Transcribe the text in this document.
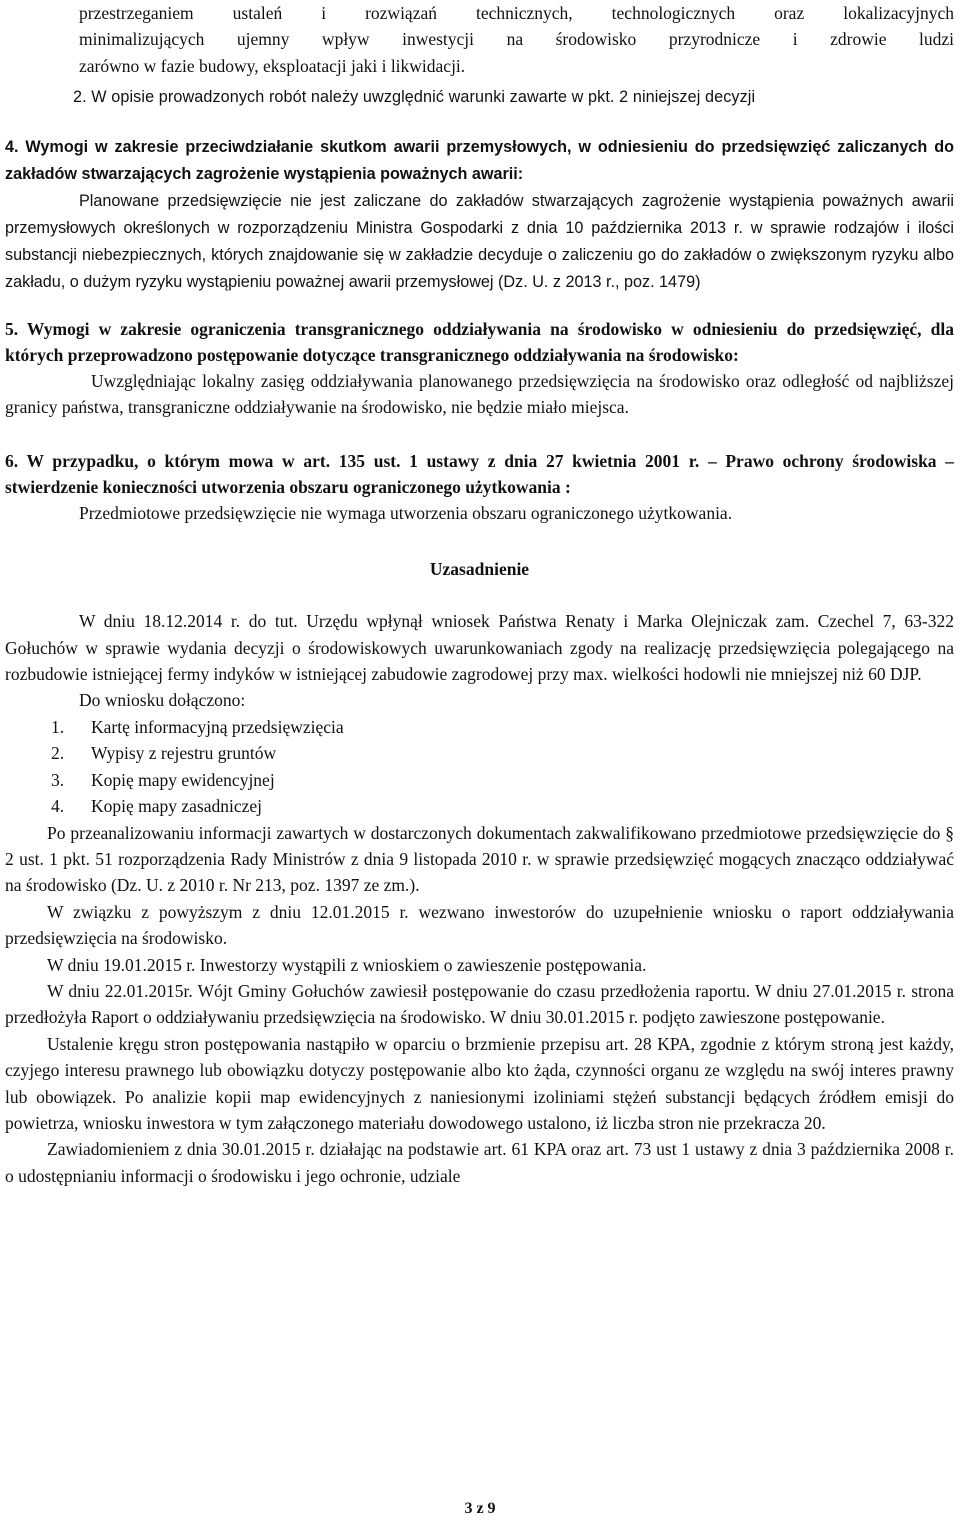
przestrzeganiem ustaleń i rozwiązań technicznych, technologicznych oraz lokalizacyjnych

minimalizujących ujemny wpływ inwestycji na środowisko przyrodnicze i zdrowie ludzi

zarówno w fazie budowy, eksploatacji jaki i likwidacji.

2. W opisie prowadzonych robót należy uwzględnić warunki zawarte w pkt. 2 niniejszej decyzji

4. Wymogi w zakresie przeciwdziałanie skutkom awarii przemysłowych, w odniesieniu do przedsięwzięć zaliczanych do zakładów stwarzających zagrożenie wystąpienia poważnych awarii:

Planowane przedsięwzięcie nie jest zaliczane do zakładów stwarzających zagrożenie wystąpienia poważnych awarii przemysłowych określonych w rozporządzeniu Ministra Gospodarki z dnia 10 października 2013 r. w sprawie rodzajów i ilości substancji niebezpiecznych, których znajdowanie się w zakładzie decyduje o zaliczeniu go do zakładów o zwiększonym ryzyku albo zakładu, o dużym ryzyku wystąpieniu poważnej awarii przemysłowej (Dz. U. z 2013 r., poz. 1479)

5. Wymogi w zakresie ograniczenia transgranicznego oddziaływania na środowisko w odniesieniu do przedsięwzięć, dla których przeprowadzono postępowanie dotyczące transgranicznego oddziaływania na środowisko:

Uwzględniając lokalny zasięg oddziaływania planowanego przedsięwzięcia na środowisko oraz odległość od najbliższej granicy państwa, transgraniczne oddziaływanie na środowisko, nie będzie miało miejsca.

6. W przypadku, o którym mowa w art. 135 ust. 1 ustawy z dnia 27 kwietnia 2001 r. – Prawo ochrony środowiska – stwierdzenie konieczności utworzenia obszaru ograniczonego użytkowania :

Przedmiotowe przedsięwzięcie nie wymaga utworzenia obszaru ograniczonego użytkowania.

Uzasadnienie

W dniu 18.12.2014 r. do tut. Urzędu wpłynął wniosek Państwa Renaty i Marka Olejniczak zam. Czechel 7, 63-322 Gołuchów w sprawie wydania decyzji o środowiskowych uwarunkowaniach zgody na realizację przedsięwzięcia polegającego na rozbudowie istniejącej fermy indyków w istniejącej zabudowie zagrodowej przy max. wielkości hodowli nie mniejszej niż 60 DJP.

Do wniosku dołączono:

1.	Kartę informacyjną przedsięwzięcia
2.	Wypisy z rejestru gruntów
3.	Kopię mapy ewidencyjnej
4.	Kopię mapy zasadniczej

Po przeanalizowaniu informacji zawartych w dostarczonych dokumentach zakwalifikowano przedmiotowe przedsięwzięcie do § 2 ust. 1 pkt. 51 rozporządzenia Rady Ministrów z dnia 9 listopada 2010 r. w sprawie przedsięwzięć mogących znacząco oddziaływać na środowisko (Dz. U. z 2010 r. Nr 213, poz. 1397 ze zm.).

W związku z powyższym z dniu 12.01.2015 r. wezwano inwestorów do uzupełnienie wniosku o raport oddziaływania przedsięwzięcia na środowisko.

W dniu 19.01.2015 r. Inwestorzy wystąpili z wnioskiem o zawieszenie postępowania.

W dniu 22.01.2015r. Wójt Gminy Gołuchów zawiesił postępowanie do czasu przedłożenia raportu. W dniu 27.01.2015 r. strona przedłożyła Raport o oddziaływaniu przedsięwzięcia na środowisko. W dniu 30.01.2015 r. podjęto zawieszone postępowanie.

Ustalenie kręgu stron postępowania nastąpiło w oparciu o brzmienie przepisu art. 28 KPA, zgodnie z którym stroną jest każdy, czyjego interesu prawnego lub obowiązku dotyczy postępowanie albo kto żąda, czynności organu ze względu na swój interes prawny lub obowiązek. Po analizie kopii map ewidencyjnych z naniesionymi izoliniami stężeń substancji będących źródłem emisji do powietrza, wniosku inwestora w tym załączonego materiału dowodowego ustalono, iż liczba stron nie przekracza 20.

Zawiadomieniem z dnia 30.01.2015 r. działając na podstawie art. 61 KPA oraz art. 73 ust 1 ustawy z dnia 3 października 2008 r. o udostępnianiu informacji o środowisku i jego ochronie, udziale

3 z 9
